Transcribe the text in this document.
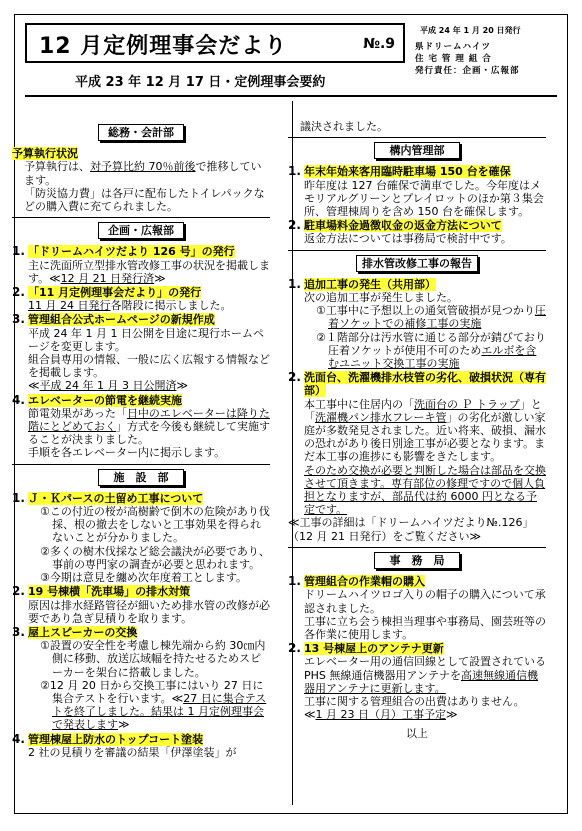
12 月定例理事会だより	№.9
平成 24 年 1 月 20 日発行
県ドリームハイツ
住 宅 管 理 組 合
発行責任：企画・広報部
平成 23 年 12 月 17 日・定例理事会要約
総務・会計部
予算執行状況
予算執行は、対予算比約 70％前後で推移しています。
「防災協力費」は各戸に配布したトイレパックなどの購入費に充てられました。
企画・広報部
1. 「ドリームハイツだより 126 号」の発行
主に洗面所立型排水管改修工事の状況を掲載します。≪12 月 21 日発行済≫
2. 「11 月定例理事会だより」の発行
11 月 24 日発行各階段に掲示しました。
3. 管理組合公式ホームページの新規作成
平成 24 年 1 月 1 日公開を目途に現行ホームページを変更します。
組合員専用の情報、一般に広く広報する情報などを掲載します。
≪平成 24 年 1 月 3 日公開済≫
4. エレベーターの節電を継続実施
節電効果があった「日中のエレベーターは降りた階にとどめておく」方式を今後も継続して実施することが決まりました。
手順を各エレベーター内に掲示します。
施　設　部
1. Ｊ・Ｋパースの土留め工事について
①この付近の桜が高樹齢で倒木の危険があり伐採、根の撤去をしないと工事効果を得られないことが分かりました。
②多くの樹木伐採など総会議決が必要であり、事前の専門家の調査が必要と思われます。
③今期は意見を纏め次年度着工とします。
2. 19 号棟横「洗車場」の排水対策
原因は排水経路管径が細いため排水管の改修が必要であり急ぎ見積りを取ります。
3. 屋上スピーカーの交換
①設置の安全性を考慮し棟先端から約 30㎝内側に移動、放送広域幅を持たせるためスピーカーを架台に搭載しました。
②12 月 20 日から交換工事にはいり 27 日に集合テストを行います。≪27 日に集合テストを終了しました。結果は 1 月定例理事会で発表します≫
4. 管理棟屋上防水のトップコート塗装
2 社の見積りを審議の結果「伊澤塗装」が
議決されました。
構内管理部
1. 年末年始来客用臨時駐車場 150 台を確保
昨年度は 127 台確保で満車でした。今年度はメモリアルグリーンとプレイロットのほか第３集会所、管理棟周りを含め 150 台を確保します。
2. 駐車場料金過徴収金の返金方法について
返金方法については事務局で検討中です。
排水管改修工事の報告
1. 追加工事の発生（共用部）
次の追加工事が発生しました。
①工事中に予想以上の通気管破損が見つかり圧着ソケットでの補修工事の実施
②１階部分は汚水管に通じる部分が錆びており圧着ソケットが使用不可のためエルボを含むユニット交換工事の実施
2. 洗面台、洗濯機排水枝管の劣化、破損状況（専有部）
本工事中に住居内の「洗面台の Ｐ トラップ」と「洗濯機パン排水フレーキ管」の劣化が激しい家庭が多数発見されました。近い将来、破損、漏水の恐れがあり後日別途工事が必要となります。まだ本工事の進捗にも影響をきたします。
そのため交換が必要と判断した場合は部品を交換させて頂きます。専有部位の修理ですので個人負担となりますが、部品代は約 6000 円となる予定です。
≪工事の詳細は「ドリームハイツだより№.126」（12 月 21 日発行）をご覧ください≫
事　務　局
1. 管理組合の作業帽の購入
ドリームハイツロゴ入りの帽子の購入について承認されました。
工事に立ち会う棟担当理事や事務局、園芸班等の各作業に使用します。
2. 13 号棟屋上のアンテナ更新
エレベーター用の通信回線として設置されている PHS 無線通信機器用アンテナを高速無線通信機器用アンテナに更新します。
工事に関する管理組合の出費はありません。
≪1 月 23 日（月）工事予定≫
以上
